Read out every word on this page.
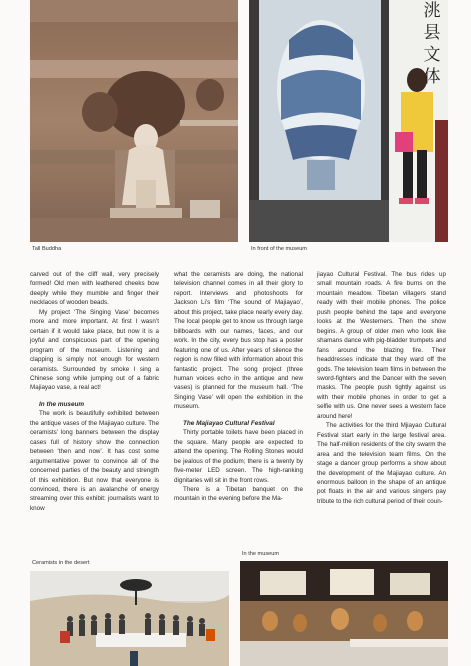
Tall Buddha
洮县文体
In front of the museum

carved out of the cliff wall, very precisely formed! Old men with leathered cheeks bow deeply while they mumble and finger their necklaces of wooden beads.

My project ‘The Singing Vase’ becomes more and more important. At first I wasn’t certain if it would take place, but now it is a joyful and conspicuous part of the opening program of the museum. Listening and clapping is simply not enough for western ceramists. Surrounded by smoke I sing a Chinese song while jumping out of a fabric Majiayao vase, a real act!

In the museum

The work is beautifully exhibited between the antique vases of the Majiayao culture. The ceramists’ long banners between the display cases full of history show the connection between ‘then and now’. It has cost some argumentative power to convince all of the concerned parties of the beauty and strength of this exhibition. But now that everyone is convinced, there is an avalanche of energy streaming over this exhibit: journalists want to know

what the ceramists are doing, the national television channel comes in all their glory to report. Interviews and photoshoots for Jackson Li’s film ‘The sound of Majiayao’, about this project, take place nearly every day. The local people get to know us through large billboards with our names, faces, and our work. In the city, every bus stop has a poster featuring one of us. After years of silence the region is now filled with information about this fantastic project. The song project (three human voices echo in the antique and new vases) is planned for the museum hall. ‘The Singing Vase’ will open the exhibition in the museum.

The Majiayao Cultural Festival

Thirty portable toilets have been placed in the square. Many people are expected to attend the opening. The Rolling Stones would be jealous of the podium; there is a twenty by five-meter LED screen. The high-ranking dignitaries will sit in the front rows.

There is a Tibetan banquet on the mountain in the evening before the Ma-

jiayao Cultural Festival. The bus rides up small mountain roads. A fire burns on the mountain meadow. Tibetan villagers stand ready with their mobile phones. The police push people behind the tape and everyone looks at the Westerners. Then the show begins. A group of older men who look like shamans dance with pig-bladder trumpets and fans around the blazing fire. Their headdresses indicate that they ward off the gods. The television team films in between the sword-fighters and the Dancer with the seven masks. The people push tightly against us with their mobile phones in order to get a selfie with us. One never sees a western face around here!

The activities for the third Mjiayao Cultural Festival start early in the large festival area. The half-million residents of the city swarm the area and the television team films. On the stage a dancer group performs a show about the development of the Majiayao culture. An enormous balloon in the shape of an antique pot floats in the air and various singers pay tribute to the rich cultural period of their coun-

Ceramists in the desert
In the museum
